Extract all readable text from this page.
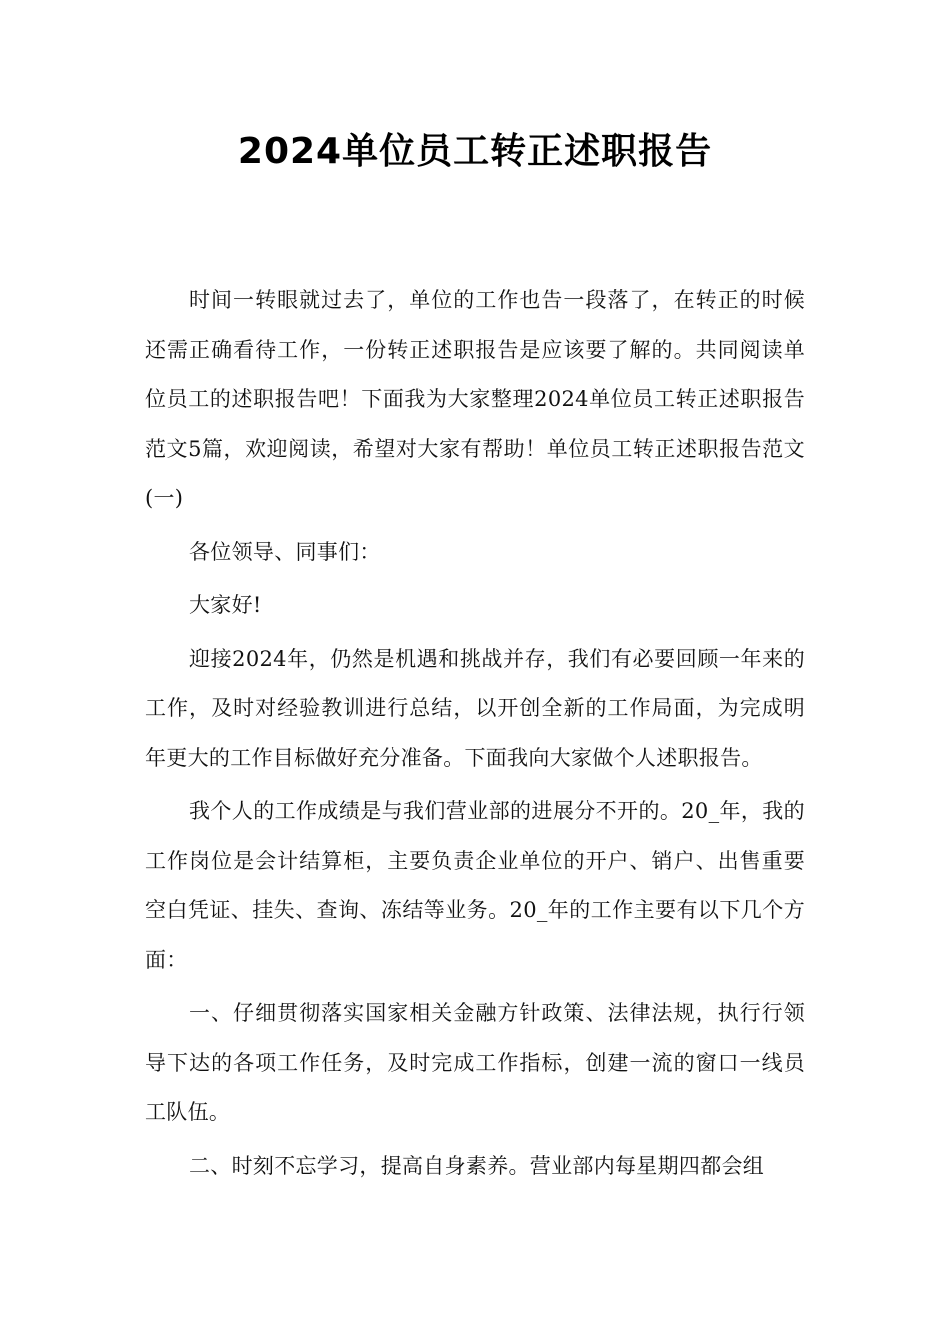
2024单位员工转正述职报告

时间一转眼就过去了，单位的工作也告一段落了，在转正的时候还需正确看待工作，一份转正述职报告是应该要了解的。共同阅读单位员工的述职报告吧！下面我为大家整理2024单位员工转正述职报告范文5篇，欢迎阅读，希望对大家有帮助！单位员工转正述职报告范文(一)

各位领导、同事们：

大家好!

迎接2024年，仍然是机遇和挑战并存，我们有必要回顾一年来的工作，及时对经验教训进行总结，以开创全新的工作局面，为完成明年更大的工作目标做好充分准备。下面我向大家做个人述职报告。

我个人的工作成绩是与我们营业部的进展分不开的。20_年，我的工作岗位是会计结算柜，主要负责企业单位的开户、销户、出售重要空白凭证、挂失、查询、冻结等业务。20_年的工作主要有以下几个方面：

一、仔细贯彻落实国家相关金融方针政策、法律法规，执行行领导下达的各项工作任务，及时完成工作指标，创建一流的窗口一线员工队伍。

二、时刻不忘学习，提高自身素养。营业部内每星期四都会组
